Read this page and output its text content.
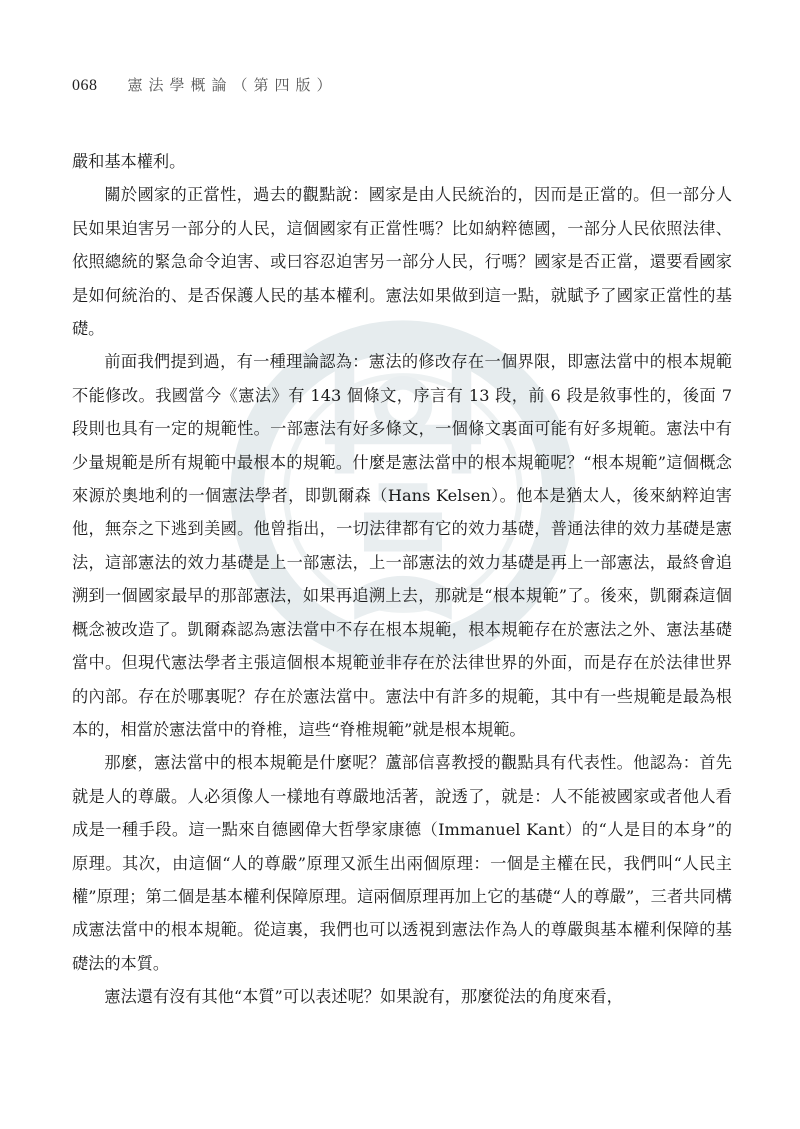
068 憲法學概論（第四版）

嚴和基本權利。

關於國家的正當性，過去的觀點說：國家是由人民統治的，因而是正當的。但一部分人民如果迫害另一部分的人民，這個國家有正當性嗎？比如納粹德國，一部分人民依照法律、依照總統的緊急命令迫害、或曰容忍迫害另一部分人民，行嗎？國家是否正當，還要看國家是如何統治的、是否保護人民的基本權利。憲法如果做到這一點，就賦予了國家正當性的基礎。

前面我們提到過，有一種理論認為：憲法的修改存在一個界限，即憲法當中的根本規範不能修改。我國當今《憲法》有 143 個條文，序言有 13 段，前 6 段是敘事性的，後面 7 段則也具有一定的規範性。一部憲法有好多條文，一個條文裏面可能有好多規範。憲法中有少量規範是所有規範中最根本的規範。什麼是憲法當中的根本規範呢？“根本規範”這個概念來源於奧地利的一個憲法學者，即凱爾森（Hans Kelsen）。他本是猶太人，後來納粹迫害他，無奈之下逃到美國。他曾指出，一切法律都有它的效力基礎，普通法律的效力基礎是憲法，這部憲法的效力基礎是上一部憲法，上一部憲法的效力基礎是再上一部憲法，最終會追溯到一個國家最早的那部憲法，如果再追溯上去，那就是“根本規範”了。後來，凱爾森這個概念被改造了。凱爾森認為憲法當中不存在根本規範，根本規範存在於憲法之外、憲法基礎當中。但現代憲法學者主張這個根本規範並非存在於法律世界的外面，而是存在於法律世界的內部。存在於哪裏呢？存在於憲法當中。憲法中有許多的規範，其中有一些規範是最為根本的，相當於憲法當中的脊椎，這些“脊椎規範”就是根本規範。

那麼，憲法當中的根本規範是什麼呢？蘆部信喜教授的觀點具有代表性。他認為：首先就是人的尊嚴。人必須像人一樣地有尊嚴地活著，說透了，就是：人不能被國家或者他人看成是一種手段。這一點來自德國偉大哲學家康德（Immanuel Kant）的“人是目的本身”的原理。其次，由這個“人的尊嚴”原理又派生出兩個原理：一個是主權在民，我們叫“人民主權”原理；第二個是基本權利保障原理。這兩個原理再加上它的基礎“人的尊嚴”，三者共同構成憲法當中的根本規範。從這裏，我們也可以透視到憲法作為人的尊嚴與基本權利保障的基礎法的本質。

憲法還有沒有其他“本質”可以表述呢？如果說有，那麼從法的角度來看，
